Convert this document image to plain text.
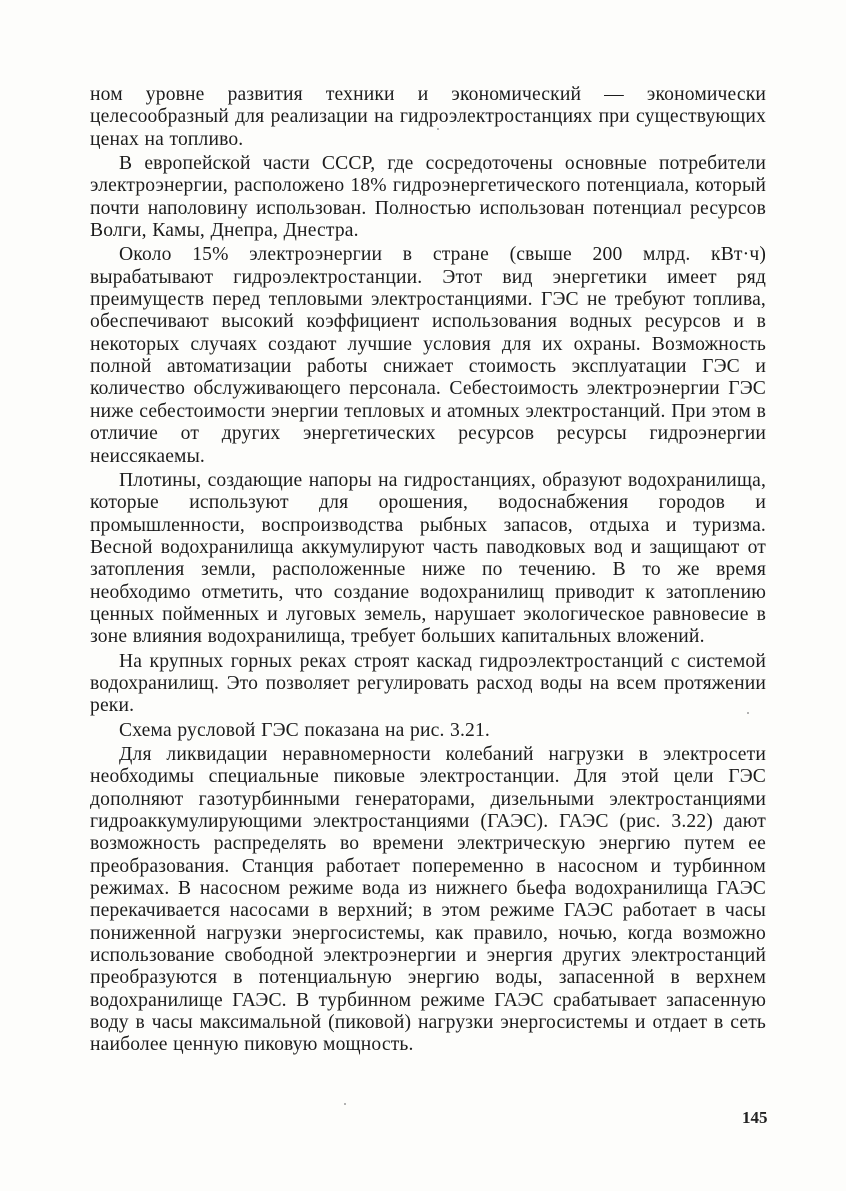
ном уровне развития техники и экономический — экономически целесообразный для реализации на гидроэлектростанциях при существующих ценах на топливо.

В европейской части СССР, где сосредоточены основные потребители электроэнергии, расположено 18% гидроэнергетического потенциала, который почти наполовину использован. Полностью использован потенциал ресурсов Волги, Камы, Днепра, Днестра.

Около 15% электроэнергии в стране (свыше 200 млрд. кВт·ч) вырабатывают гидроэлектростанции. Этот вид энергетики имеет ряд преимуществ перед тепловыми электростанциями. ГЭС не требуют топлива, обеспечивают высокий коэффициент использования водных ресурсов и в некоторых случаях создают лучшие условия для их охраны. Возможность полной автоматизации работы снижает стоимость эксплуатации ГЭС и количество обслуживающего персонала. Себестоимость электроэнергии ГЭС ниже себестоимости энергии тепловых и атомных электростанций. При этом в отличие от других энергетических ресурсов ресурсы гидроэнергии неиссякаемы.

Плотины, создающие напоры на гидростанциях, образуют водохранилища, которые используют для орошения, водоснабжения городов и промышленности, воспроизводства рыбных запасов, отдыха и туризма. Весной водохранилища аккумулируют часть паводковых вод и защищают от затопления земли, расположенные ниже по течению. В то же время необходимо отметить, что создание водохранилищ приводит к затоплению ценных пойменных и луговых земель, нарушает экологическое равновесие в зоне влияния водохранилища, требует больших капитальных вложений.

На крупных горных реках строят каскад гидроэлектростанций с системой водохранилищ. Это позволяет регулировать расход воды на всем протяжении реки.

Схема русловой ГЭС показана на рис. 3.21.

Для ликвидации неравномерности колебаний нагрузки в электросети необходимы специальные пиковые электростанции. Для этой цели ГЭС дополняют газотурбинными генераторами, дизельными электростанциями гидроаккумулирующими электростанциями (ГАЭС). ГАЭС (рис. 3.22) дают возможность распределять во времени электрическую энергию путем ее преобразования. Станция работает попеременно в насосном и турбинном режимах. В насосном режиме вода из нижнего бьефа водохранилища ГАЭС перекачивается насосами в верхний; в этом режиме ГАЭС работает в часы пониженной нагрузки энергосистемы, как правило, ночью, когда возможно использование свободной электроэнергии и энергия других электростанций преобразуются в потенциальную энергию воды, запасенной в верхнем водохранилище ГАЭС. В турбинном режиме ГАЭС срабатывает запасенную воду в часы максимальной (пиковой) нагрузки энергосистемы и отдает в сеть наиболее ценную пиковую мощность.

145
